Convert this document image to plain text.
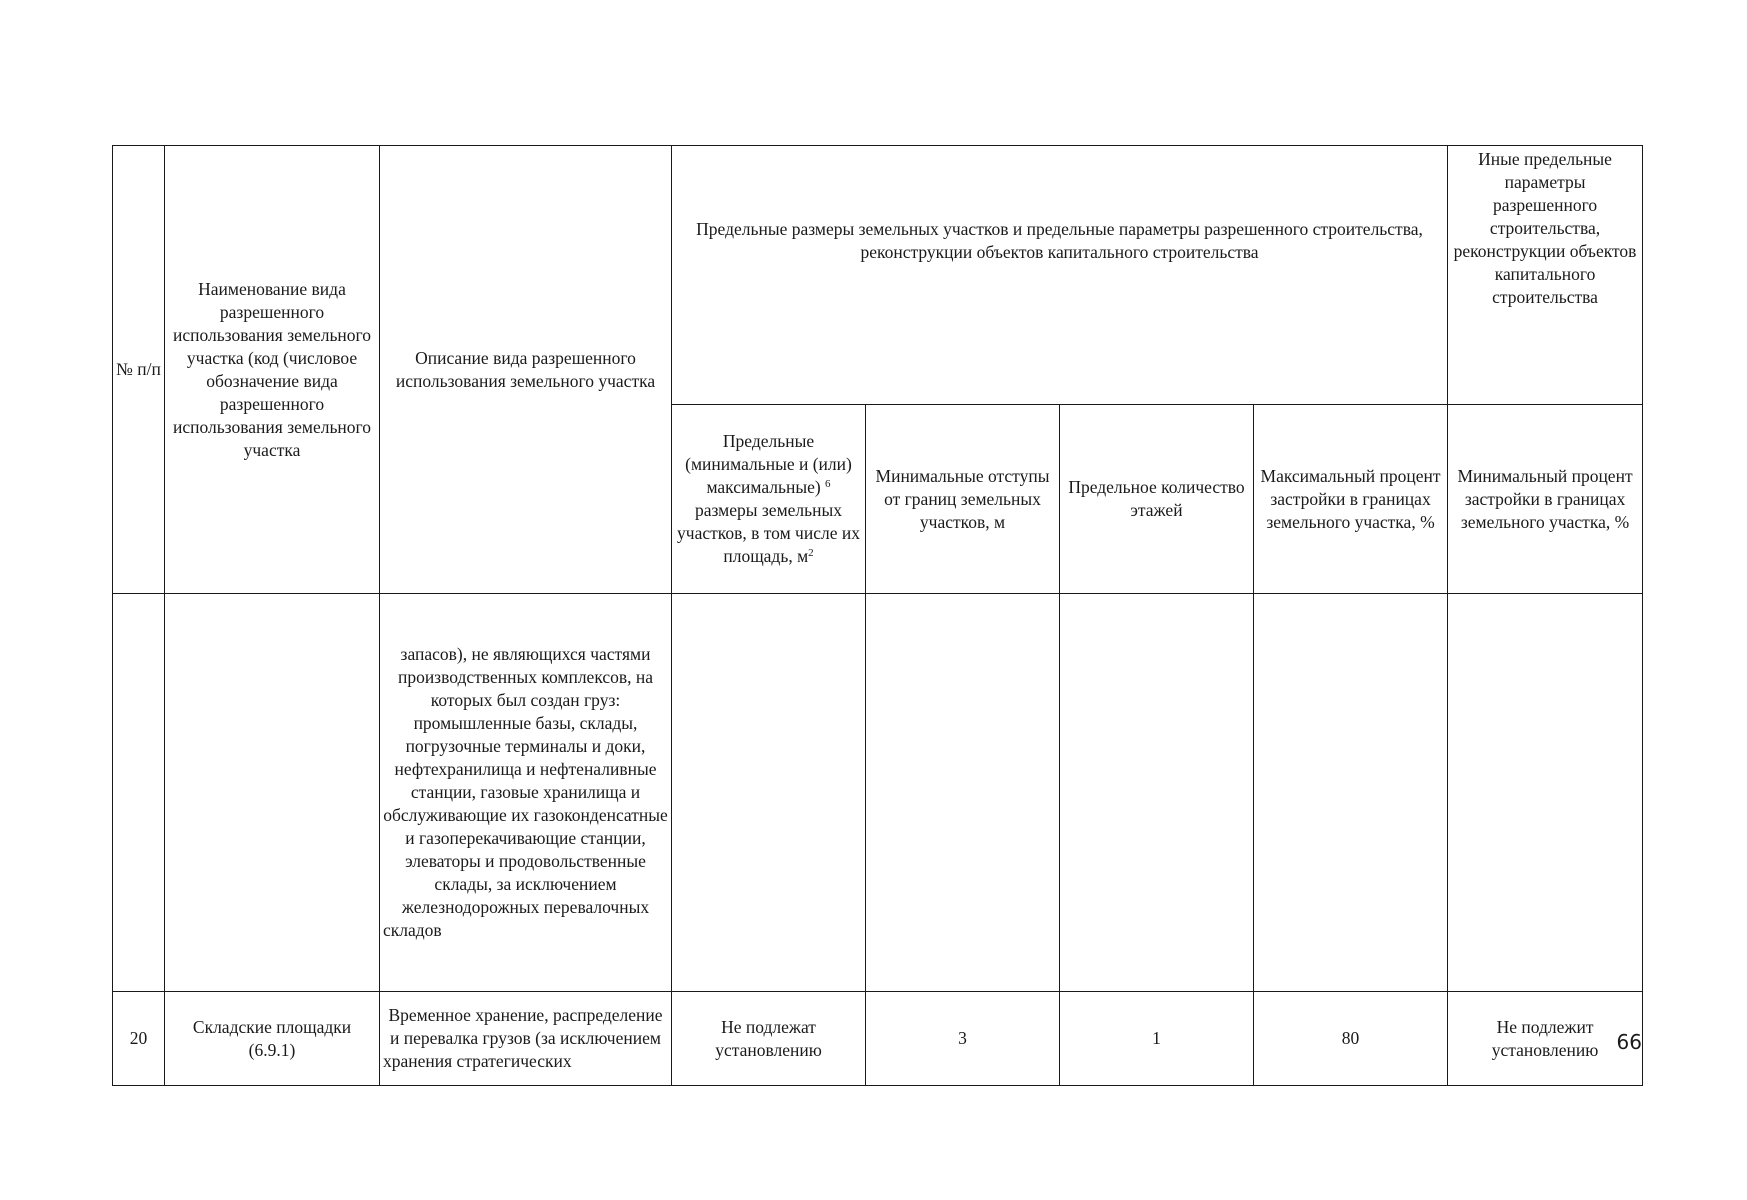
№ п/п	Наименование вида разрешенного использования земельного участка (код (числовое обозначение вида разрешенного использования земельного участка	Описание вида разрешенного использования земельного участка	Предельные размеры земельных участков и предельные параметры разрешенного строительства, реконструкции объектов капитального строительства				Иные предельные параметры разрешенного строительства, реконструкции объектов капитального строительства
			Предельные (минимальные и (или) максимальные) $^6$ размеры земельных участков, в том числе их площадь, $м^2$	Минимальные отступы от границ земельных участков, м	Предельное количество этажей	Максимальный процент застройки в границах земельного участка, %	Минимальный процент застройки в границах земельного участка, %
		запасов), не являющихся частями производственных комплексов, на которых был создан груз: промышленные базы, склады, погрузочные терминалы и доки, нефтехранилища и нефтеналивные станции, газовые хранилища и обслуживающие их газоконденсатные и газоперекачивающие станции, элеваторы и продовольственные склады, за исключением железнодорожных перевалочных складов					
20	Складские площадки (6.9.1)	Временное хранение, распределение и перевалка грузов (за исключением хранения стратегических	Не подлежат установлению	3	1	80	Не подлежит установлению 66
